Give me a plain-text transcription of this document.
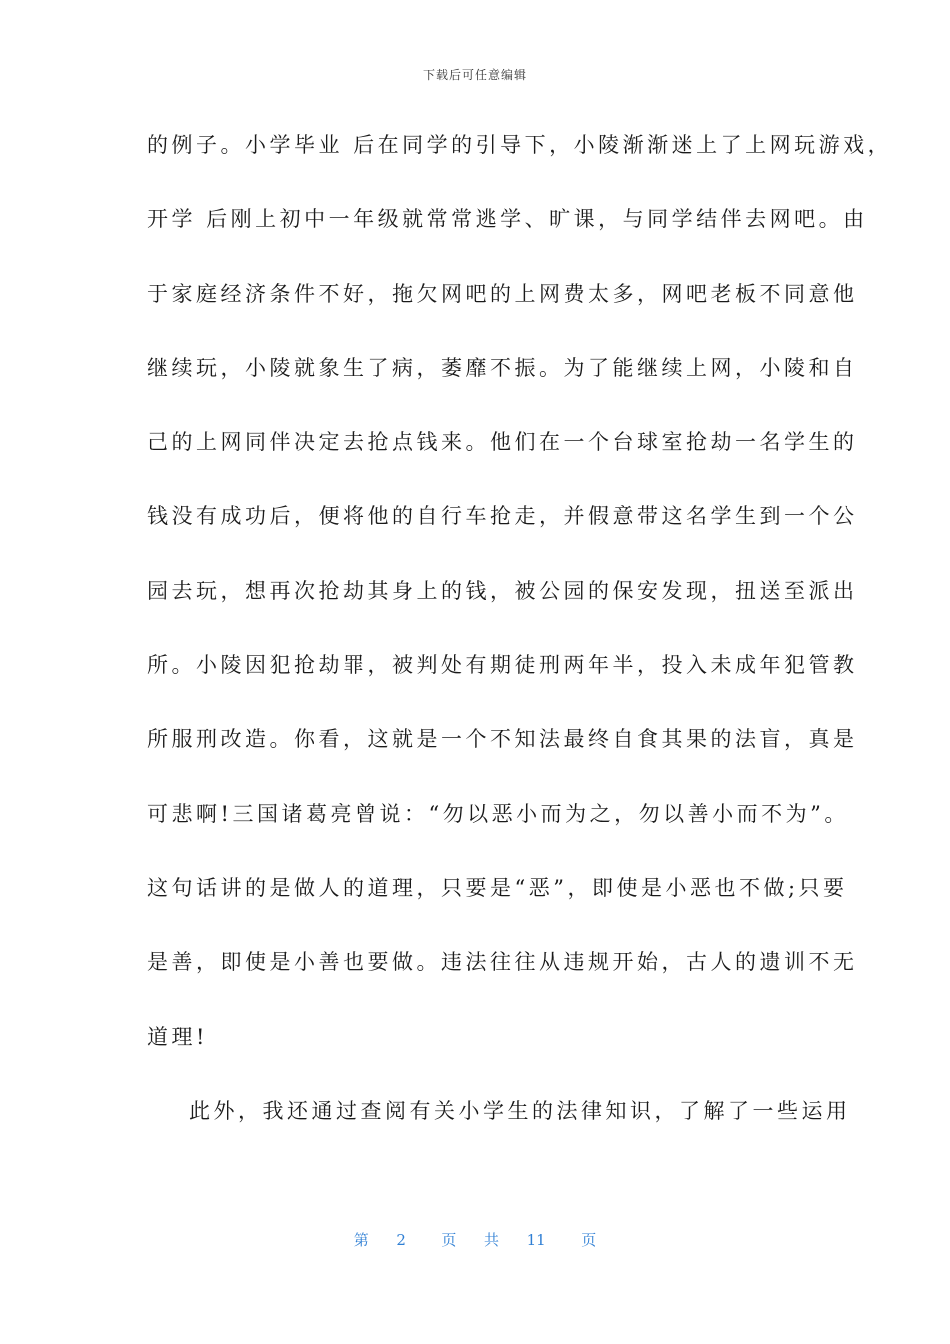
下载后可任意编辑
的例子。小学毕业 后在同学的引导下，小陵渐渐迷上了上网玩游戏，
开学 后刚上初中一年级就常常逃学、旷课，与同学结伴去网吧。由
于家庭经济条件不好，拖欠网吧的上网费太多，网吧老板不同意他
继续玩，小陵就象生了病，萎靡不振。为了能继续上网，小陵和自
己的上网同伴决定去抢点钱来。他们在一个台球室抢劫一名学生的
钱没有成功后，便将他的自行车抢走，并假意带这名学生到一个公
园去玩，想再次抢劫其身上的钱，被公园的保安发现，扭送至派出
所。小陵因犯抢劫罪，被判处有期徒刑两年半，投入未成年犯管教
所服刑改造。你看，这就是一个不知法最终自食其果的法盲，真是
可悲啊!三国诸葛亮曾说：“勿以恶小而为之，勿以善小而不为”。
这句话讲的是做人的道理，只要是“恶”，即使是小恶也不做;只要
是善，即使是小善也要做。违法往往从违规开始，古人的遗训不无
道理!
此外，我还通过查阅有关小学生的法律知识，了解了一些运用
第 2 页 共 11 页
